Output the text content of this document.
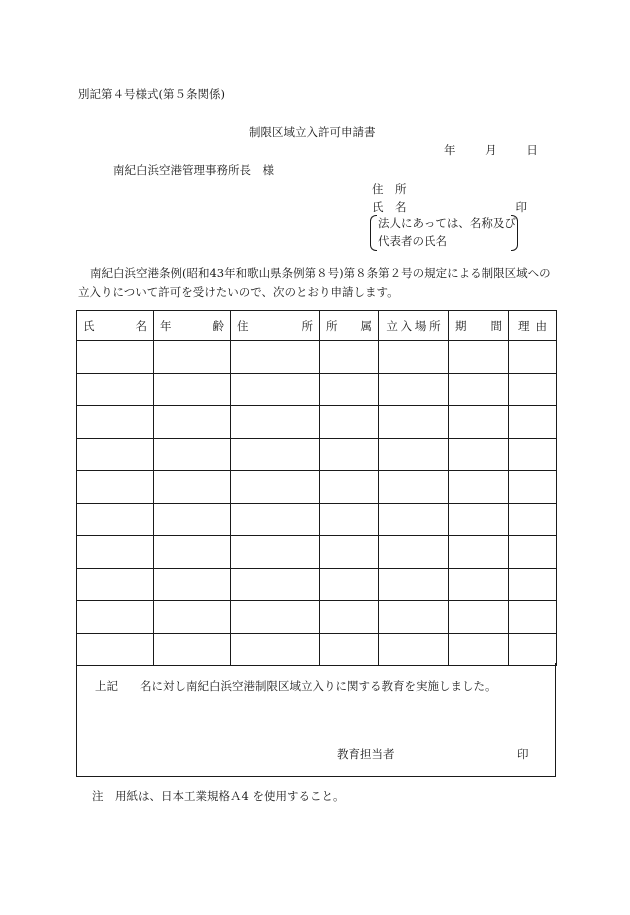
別記第４号様式(第５条関係)
制限区域立入許可申請書
年	月	日
南紀白浜空港管理事務所長　様
住　所
氏　名	印
法人にあっては、名称及び代表者の氏名
南紀白浜空港条例(昭和43年和歌山県条例第８号)第８条第２号の規定による制限区域への立入りについて許可を受けたいので、次のとおり申請します。
氏 名	年 齢	住 所	所 属	立 入 場 所	期 間	理 由

上記 名に対し南紀白浜空港制限区域立入りに関する教育を実施しました。
教育担当者	印
注　用紙は、日本工業規格Ａ4 を使用すること。
